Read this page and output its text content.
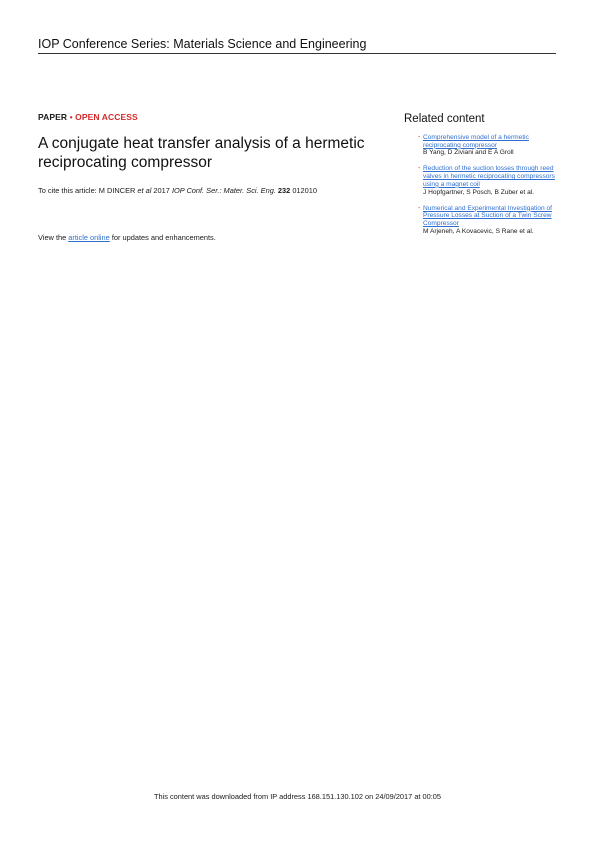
IOP Conference Series: Materials Science and Engineering
PAPER • OPEN ACCESS
A conjugate heat transfer analysis of a hermetic reciprocating compressor
To cite this article: M DINCER et al 2017 IOP Conf. Ser.: Mater. Sci. Eng. 232 012010
View the article online for updates and enhancements.
Related content
- Comprehensive model of a hermetic reciprocating compressor
B Yang, D Ziviani and E A Groll
- Reduction of the suction losses through reed valves in hermetic reciprocating compressors using a magnet coil
J Hopfgartner, S Posch, B Zuber et al.
- Numerical and Experimental Investigation of Pressure Losses at Suction of a Twin Screw Compressor
M Arjeneh, A Kovacevic, S Rane et al.
This content was downloaded from IP address 168.151.130.102 on 24/09/2017 at 00:05
